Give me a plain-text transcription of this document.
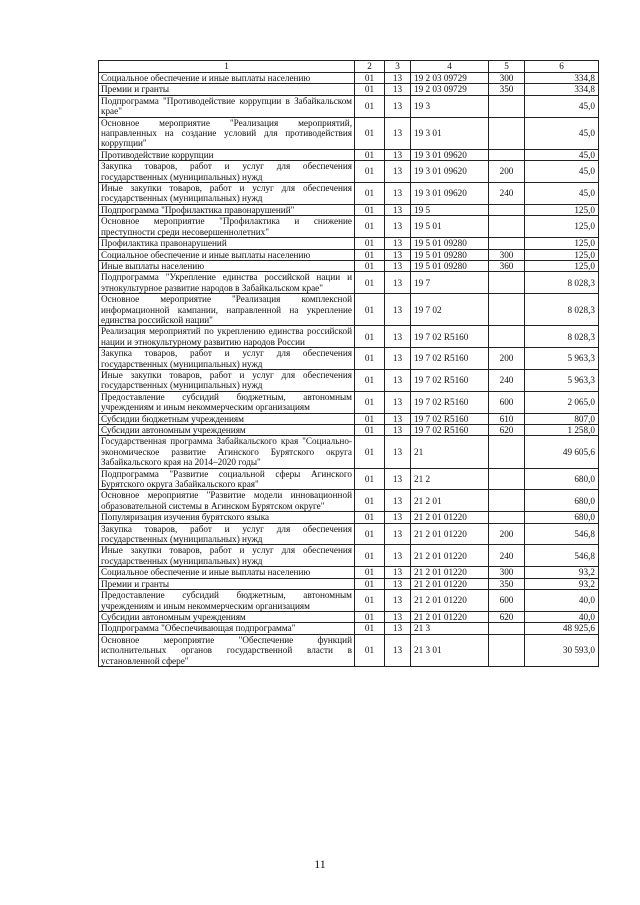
1	2	3	4	5	6
Социальное обеспечение и иные выплаты населению	01	13	19 2 03 09729	300	334,8
Премии и гранты	01	13	19 2 03 09729	350	334,8
Подпрограмма "Противодействие коррупции в Забайкальском крае"	01	13	19 3		45,0
Основное мероприятие "Реализация мероприятий, направленных на создание условий для противодействия коррупции"	01	13	19 3 01		45,0
Противодействие коррупции	01	13	19 3 01 09620		45,0
Закупка товаров, работ и услуг для обеспечения государственных (муниципальных) нужд	01	13	19 3 01 09620	200	45,0
Иные закупки товаров, работ и услуг для обеспечения государственных (муниципальных) нужд	01	13	19 3 01 09620	240	45,0
Подпрограмма "Профилактика правонарушений"	01	13	19 5		125,0
Основное мероприятие "Профилактика и снижение преступности среди несовершеннолетних"	01	13	19 5 01		125,0
Профилактика правонарушений	01	13	19 5 01 09280		125,0
Социальное обеспечение и иные выплаты населению	01	13	19 5 01 09280	300	125,0
Иные выплаты населению	01	13	19 5 01 09280	360	125,0
Подпрограмма "Укрепление единства российской нации и этнокультурное развитие народов в Забайкальском крае"	01	13	19 7		8 028,3
Основное мероприятие "Реализация комплексной информационной кампании, направленной на укрепление единства российской нации"	01	13	19 7 02		8 028,3
Реализация мероприятий по укреплению единства российской нации и этнокультурному развитию народов России	01	13	19 7 02 R5160		8 028,3
Закупка товаров, работ и услуг для обеспечения государственных (муниципальных) нужд	01	13	19 7 02 R5160	200	5 963,3
Иные закупки товаров, работ и услуг для обеспечения государственных (муниципальных) нужд	01	13	19 7 02 R5160	240	5 963,3
Предоставление субсидий бюджетным, автономным учреждениям и иным некоммерческим организациям	01	13	19 7 02 R5160	600	2 065,0
Субсидии бюджетным учреждениям	01	13	19 7 02 R5160	610	807,0
Субсидии автономным учреждениям	01	13	19 7 02 R5160	620	1 258,0
Государственная программа Забайкальского края "Социально-экономическое развитие Агинского Бурятского округа Забайкальского края на 2014–2020 годы"	01	13	21		49 605,6
Подпрограмма "Развитие социальной сферы Агинского Бурятского округа Забайкальского края"	01	13	21 2		680,0
Основное мероприятие "Развитие модели инновационной образовательной системы в Агинском Бурятском округе"	01	13	21 2 01		680,0
Популяризация изучения бурятского языка	01	13	21 2 01 01220		680,0
Закупка товаров, работ и услуг для обеспечения государственных (муниципальных) нужд	01	13	21 2 01 01220	200	546,8
Иные закупки товаров, работ и услуг для обеспечения государственных (муниципальных) нужд	01	13	21 2 01 01220	240	546,8
Социальное обеспечение и иные выплаты населению	01	13	21 2 01 01220	300	93,2
Премии и гранты	01	13	21 2 01 01220	350	93,2
Предоставление субсидий бюджетным, автономным учреждениям и иным некоммерческим организациям	01	13	21 2 01 01220	600	40,0
Субсидии автономным учреждениям	01	13	21 2 01 01220	620	40,0
Подпрограмма "Обеспечивающая подпрограмма"	01	13	21 3		48 925,6
Основное мероприятие "Обеспечение функций исполнительных органов государственной власти в установленной сфере"	01	13	21 3 01		30 593,0
11
